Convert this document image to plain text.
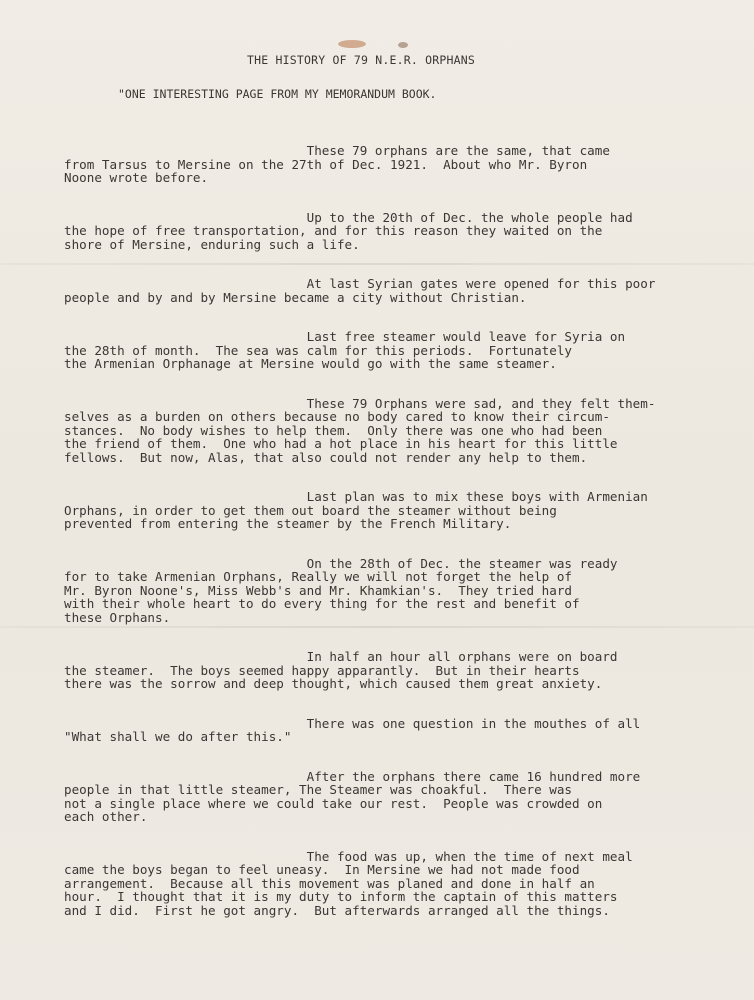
THE HISTORY OF 79 N.E.R. ORPHANS
"ONE INTERESTING PAGE FROM MY MEMORANDUM BOOK.
These 79 orphans are the same, that came
from Tarsus to Mersine on the 27th of Dec. 1921.  About who Mr. Byron
Noone wrote before.
Up to the 20th of Dec. the whole people had
the hope of free transportation, and for this reason they waited on the
shore of Mersine, enduring such a life.
At last Syrian gates were opened for this poor
people and by and by Mersine became a city without Christian.
Last free steamer would leave for Syria on
the 28th of month.  The sea was calm for this periods.  Fortunately
the Armenian Orphanage at Mersine would go with the same steamer.
These 79 Orphans were sad, and they felt them-
selves as a burden on others because no body cared to know their circum-
stances.  No body wishes to help them.  Only there was one who had been
the friend of them.  One who had a hot place in his heart for this little
fellows.  But now, Alas, that also could not render any help to them.
Last plan was to mix these boys with Armenian
Orphans, in order to get them out board the steamer without being
prevented from entering the steamer by the French Military.
On the 28th of Dec. the steamer was ready
for to take Armenian Orphans, Really we will not forget the help of
Mr. Byron Noone's, Miss Webb's and Mr. Khamkian's.  They tried hard
with their whole heart to do every thing for the rest and benefit of
these Orphans.
In half an hour all orphans were on board
the steamer.  The boys seemed happy apparantly.  But in their hearts
there was the sorrow and deep thought, which caused them great anxiety.
There was one question in the mouthes of all
"What shall we do after this."
After the orphans there came 16 hundred more
people in that little steamer, The Steamer was choakful.  There was
not a single place where we could take our rest.  People was crowded on
each other.
The food was up, when the time of next meal
came the boys began to feel uneasy.  In Mersine we had not made food
arrangement.  Because all this movement was planed and done in half an
hour.  I thought that it is my duty to inform the captain of this matters
and I did.  First he got angry.  But afterwards arranged all the things.
